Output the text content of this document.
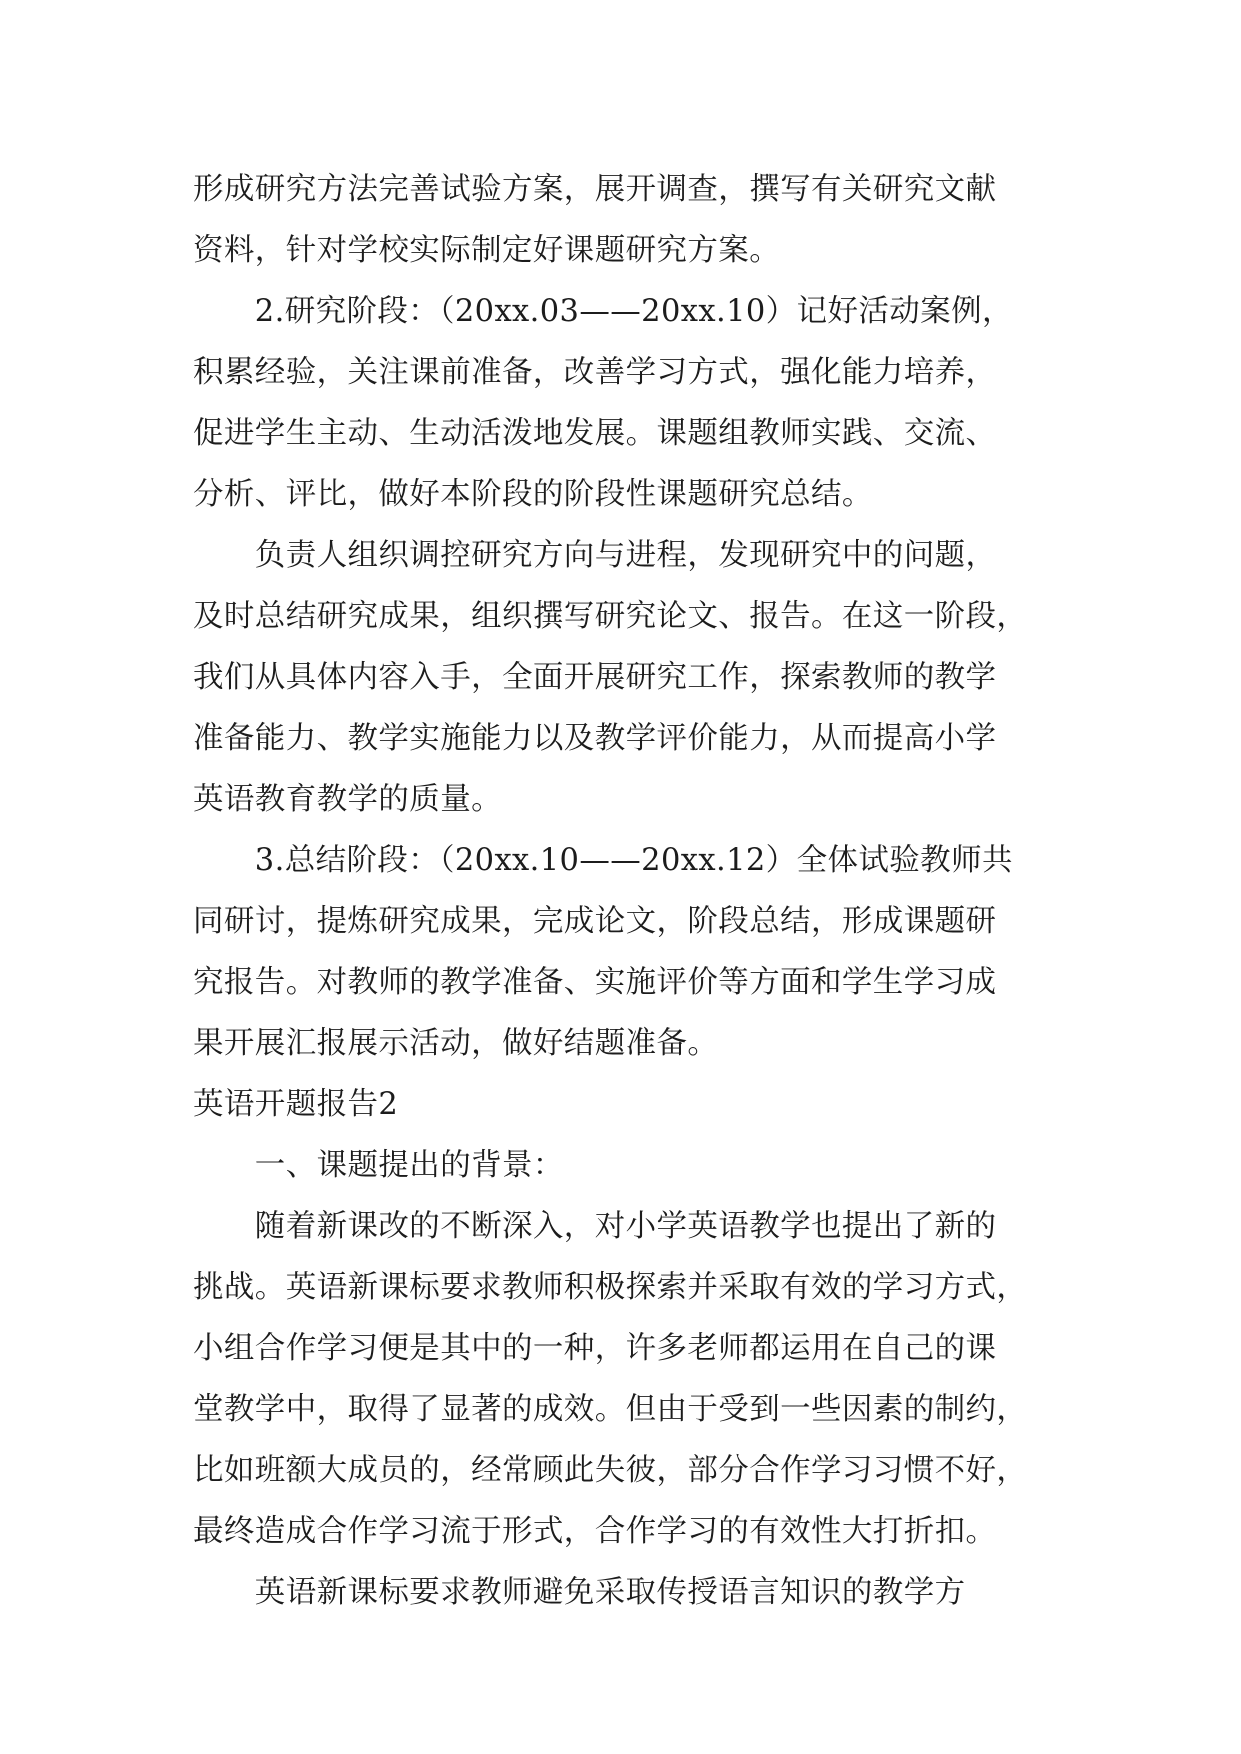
形成研究方法完善试验方案，展开调查，撰写有关研究文献
资料，针对学校实际制定好课题研究方案。
　　2.研究阶段：（20xx.03——20xx.10）记好活动案例，
积累经验，关注课前准备，改善学习方式，强化能力培养，
促进学生主动、生动活泼地发展。课题组教师实践、交流、
分析、评比，做好本阶段的阶段性课题研究总结。
　　负责人组织调控研究方向与进程，发现研究中的问题，
及时总结研究成果，组织撰写研究论文、报告。在这一阶段，
我们从具体内容入手，全面开展研究工作，探索教师的教学
准备能力、教学实施能力以及教学评价能力，从而提高小学
英语教育教学的质量。
　　3.总结阶段：（20xx.10——20xx.12）全体试验教师共
同研讨，提炼研究成果，完成论文，阶段总结，形成课题研
究报告。对教师的教学准备、实施评价等方面和学生学习成
果开展汇报展示活动，做好结题准备。
英语开题报告2
　　一、课题提出的背景：
　　随着新课改的不断深入，对小学英语教学也提出了新的
挑战。英语新课标要求教师积极探索并采取有效的学习方式，
小组合作学习便是其中的一种，许多老师都运用在自己的课
堂教学中，取得了显著的成效。但由于受到一些因素的制约，
比如班额大成员的，经常顾此失彼，部分合作学习习惯不好，
最终造成合作学习流于形式，合作学习的有效性大打折扣。
　　英语新课标要求教师避免采取传授语言知识的教学方
